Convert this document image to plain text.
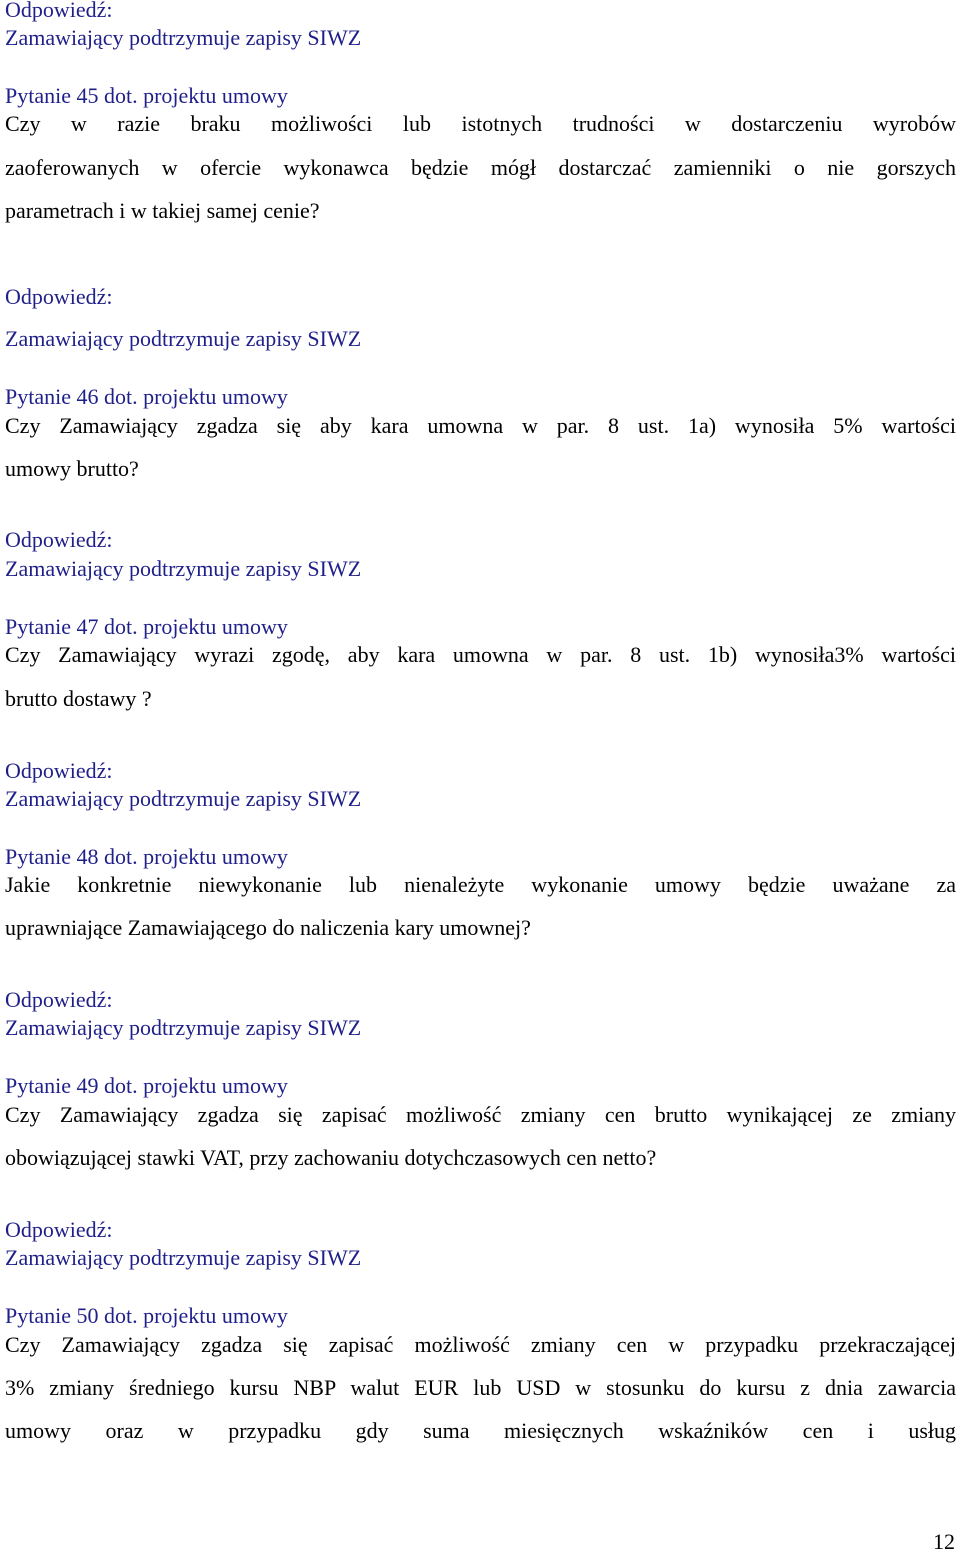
Odpowiedź:
Zamawiający podtrzymuje zapisy SIWZ
Pytanie 45 dot. projektu umowy
Czy w razie braku możliwości lub istotnych trudności w dostarczeniu wyrobów
zaoferowanych w ofercie wykonawca będzie mógł dostarczać zamienniki o nie gorszych
parametrach i w takiej samej cenie?
Odpowiedź:
Zamawiający podtrzymuje zapisy SIWZ
Pytanie 46 dot. projektu umowy
Czy Zamawiający zgadza się aby kara umowna w par. 8 ust. 1a) wynosiła 5% wartości
umowy brutto?
Odpowiedź:
Zamawiający podtrzymuje zapisy SIWZ
Pytanie 47 dot. projektu umowy
Czy Zamawiający wyrazi zgodę, aby kara umowna w par. 8 ust. 1b) wynosiła3% wartości
brutto dostawy ?
Odpowiedź:
Zamawiający podtrzymuje zapisy SIWZ
Pytanie 48 dot. projektu umowy
Jakie konkretnie niewykonanie lub nienależyte wykonanie umowy będzie uważane za
uprawniające Zamawiającego do naliczenia kary umownej?
Odpowiedź:
Zamawiający podtrzymuje zapisy SIWZ
Pytanie 49 dot. projektu umowy
Czy Zamawiający zgadza się zapisać możliwość zmiany cen brutto wynikającej ze zmiany
obowiązującej stawki VAT, przy zachowaniu dotychczasowych cen netto?
Odpowiedź:
Zamawiający podtrzymuje zapisy SIWZ
Pytanie 50 dot. projektu umowy
Czy Zamawiający zgadza się zapisać możliwość zmiany cen w przypadku przekraczającej
3% zmiany średniego kursu NBP walut EUR lub USD w stosunku do kursu z dnia zawarcia
umowy oraz w przypadku gdy suma miesięcznych wskaźników cen i usług
12
